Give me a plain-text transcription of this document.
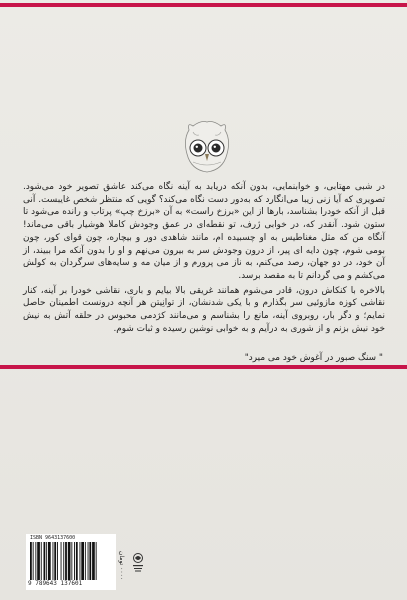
در شبی مهتابی، و خوابنمایی، بدون آنکه دریابد به آینه نگاه می‌کند عاشق تصویر خود می‌شود. تصویری که آیا زنی زیبا می‌انگارد که به‌دور دست نگاه می‌کند؟ گویی که منتظر شخص غایبست. آنی قبل از آنکه خودرا بشناسد، بارها از این «برزخ راست» به آن «برزخ چپ» پرتاب و رانده می‌شود تا ستون شود. آنقدر که، در خوابی ژرف، تو نقطه‌ای در عمق وجودش کاملا هوشیار باقی می‌ماند! آنگاه من که مثل مغناطیس به او چسبیده ام، مانند شاهدی دور و بیچاره، چون قوای کور، چون بومی شوم، چون دایه ای پیر، از درون وجودش سر به بیرون می‌نهم و او را بدون آنکه مرا ببیند، از آن خود، در دو جهان، رصد می‌کنم، به ناز می پرورم و از میان مه و سایه‌های سرگردان به کولش می‌کشم و می گردانم تا به مقصد برسد.

بالاخره با کنکاش درون، قادر می‌شوم همانند غریقی بالا بیایم و باری، نقاشی خودرا بر آینه، کنار نقاشی کوزه مازوئیی سر بگذارم و با یکی شدنشان، از توانِیتن هر آنچه درونست اطمینان حاصل نمایم؛ و دگر بار، روبروی آینه، مانع را بشناسم و می‌مانند کژدمی محبوس در حلقه آتش به نیش خود نیش بزنم و از شوری به درآیم و به خوابی نوشین رسیده و ثبات شوم.

" سنگ صبور در آغوش خود می میرد"
ISBN 9643137600
9 789643 137601
۰۰۰۰ تومان
